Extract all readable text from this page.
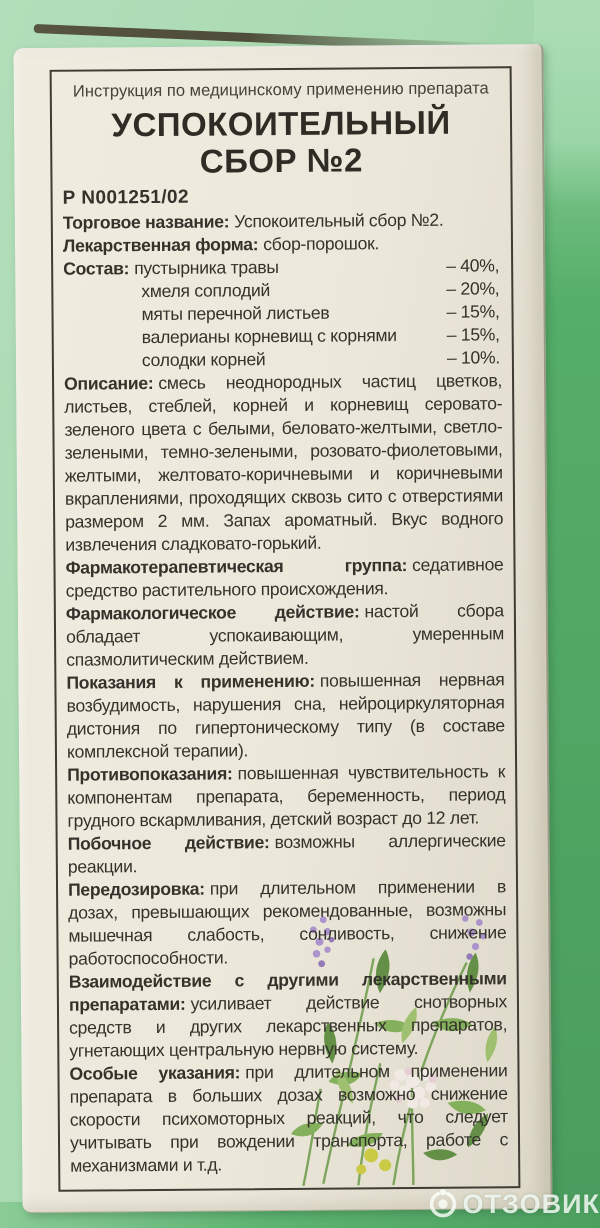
Инструкция по медицинскому применению препарата

УСПОКОИТЕЛЬНЫЙ
СБОР №2
Р N001251/02
Торговое название: Успокоительный сбор №2.
Лекарственная форма: сбор-порошок.
Состав: пустырника травы	– 40%,
хмеля соплодий	– 20%,
мяты перечной листьев	– 15%,
валерианы корневищ с корнями	– 15%,
солодки корней	– 10%.

Описание: смесь неоднородных частиц цветков, листьев, стеблей, корней и корневищ серовато-зеленого цвета с белыми, беловато-желтыми, светло-зелеными, темно-зелеными, розовато-фиолетовыми, желтыми, желтовато-коричневыми и коричневыми вкраплениями, проходящих сквозь сито с отверстиями размером 2 мм. Запах ароматный. Вкус водного извлечения сладковато-горький.

Фармакотерапевтическая группа: седативное средство растительного происхождения.

Фармакологическое действие: настой сбора обладает успокаивающим, умеренным спазмолитическим действием.

Показания к применению: повышенная нервная возбудимость, нарушения сна, нейроциркуляторная дистония по гипертоническому типу (в составе комплексной терапии).

Противопоказания: повышенная чувствительность к компонентам препарата, беременность, период грудного вскармливания, детский возраст до 12 лет.

Побочное действие: возможны аллергические реакции.

Передозировка: при длительном применении в дозах, превышающих рекомендованные, возможны мышечная слабость, сонливость, снижение работоспособности.

Взаимодействие с другими лекарственными препаратами: усиливает действие снотворных средств и других лекарственных препаратов, угнетающих центральную нервную систему.

Особые указания: при длительном применении препарата в больших дозах возможно снижение скорости психомоторных реакций, что следует учитывать при вождении транспорта, работе с механизмами и т.д.

ОТЗОВИК
